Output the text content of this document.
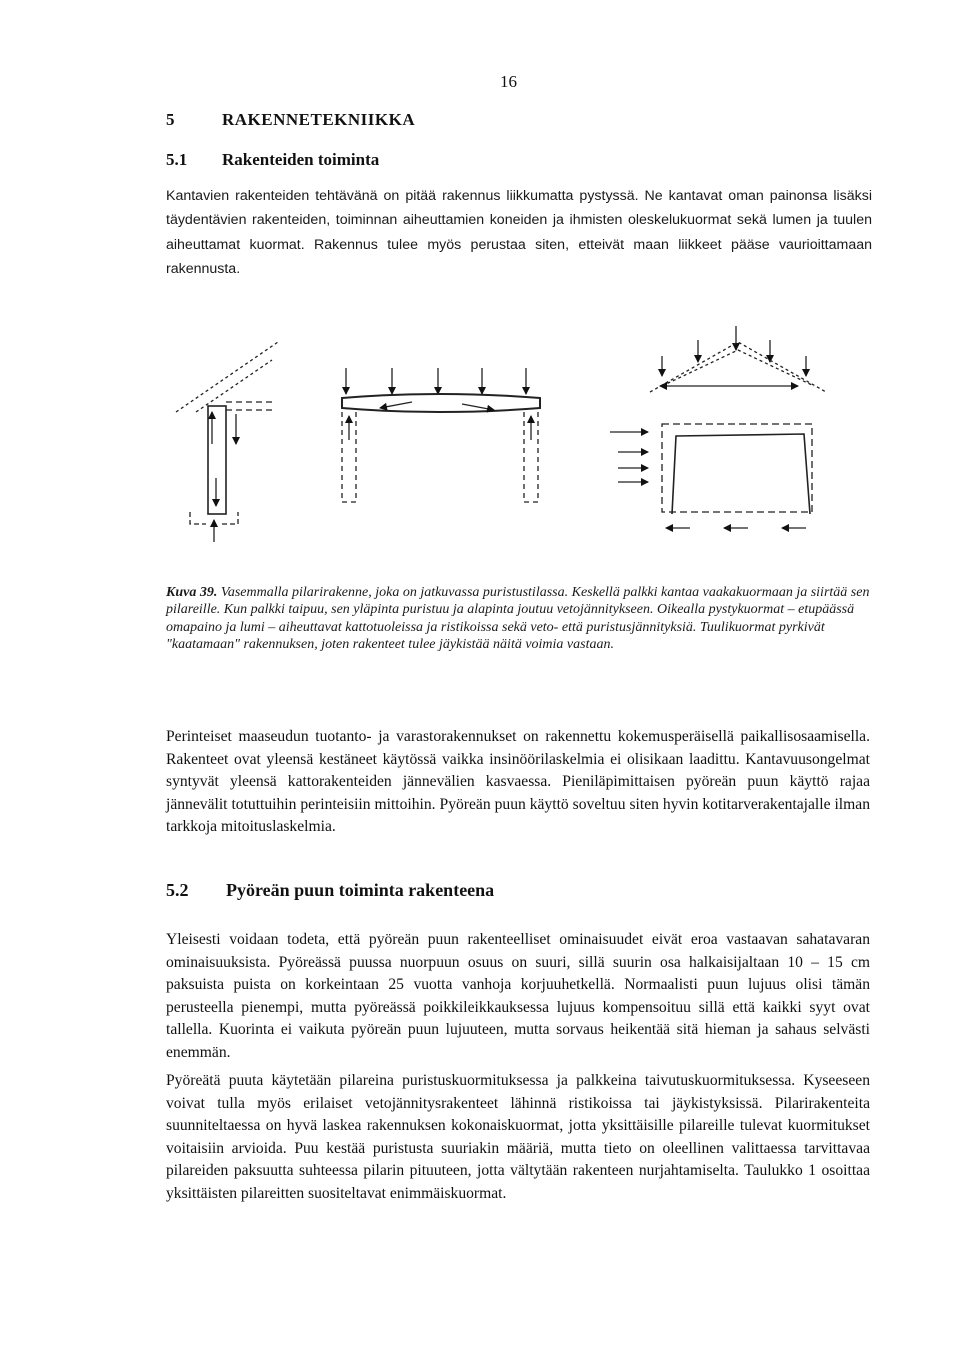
16
5	RAKENNETEKNIIKKA
5.1 Rakenteiden toiminta
Kantavien rakenteiden tehtävänä on pitää rakennus liikkumatta pystyssä. Ne kantavat oman painonsa lisäksi täydentävien rakenteiden, toiminnan aiheuttamien koneiden ja ihmisten oleskelukuormat sekä lumen ja tuulen aiheuttamat kuormat. Rakennus tulee myös perustaa siten, etteivät maan liikkeet pääse vaurioittamaan rakennusta.
Kuva 39. Vasemmalla pilarirakenne, joka on jatkuvassa puristustilassa. Keskellä palkki kantaa vaakakuormaan ja siirtää sen pilareille. Kun palkki taipuu, sen yläpinta puristuu ja alapinta joutuu vetojännitykseen. Oikealla pystykuormat – etupäässä omapaino ja lumi – aiheuttavat kattotuoleissa ja ristikoissa sekä veto- että puristusjännityksiä. Tuulikuormat pyrkivät "kaatamaan" rakennuksen, joten rakenteet tulee jäykistää näitä voimia vastaan.
Perinteiset maaseudun tuotanto- ja varastorakennukset on rakennettu kokemusperäisellä paikallisosaamisella. Rakenteet ovat yleensä kestäneet käytössä vaikka insinöörilaskelmia ei olisikaan laadittu. Kantavuusongelmat syntyvät yleensä kattorakenteiden jännevälien kasvaessa. Pieniläpimittaisen pyöreän puun käyttö rajaa jännevälit totuttuihin perinteisiin mittoihin. Pyöreän puun käyttö soveltuu siten hyvin kotitarverakentajalle ilman tarkkoja mitoituslaskelmia.
5.2 Pyöreän puun toiminta rakenteena
Yleisesti voidaan todeta, että pyöreän puun rakenteelliset ominaisuudet eivät eroa vastaavan sahatavaran ominaisuuksista. Pyöreässä puussa nuorpuun osuus on suuri, sillä suurin osa halkaisijaltaan 10 – 15 cm paksuista puista on korkeintaan 25 vuotta vanhoja korjuuhetkellä. Normaalisti puun lujuus olisi tämän perusteella pienempi, mutta pyöreässä poikkileikkauksessa lujuus kompensoituu sillä että kaikki syyt ovat tallella. Kuorinta ei vaikuta pyöreän puun lujuuteen, mutta sorvaus heikentää sitä hieman ja sahaus selvästi enemmän.
Pyöreätä puuta käytetään pilareina puristuskuormituksessa ja palkkeina taivutuskuormituksessa. Kyseeseen voivat tulla myös erilaiset vetojännitysrakenteet lähinnä ristikoissa tai jäykistyksissä. Pilarirakenteita suunniteltaessa on hyvä laskea rakennuksen kokonaiskuormat, jotta yksittäisille pilareille tulevat kuormitukset voitaisiin arvioida. Puu kestää puristusta suuriakin määriä, mutta tieto on oleellinen valittaessa tarvittavaa pilareiden paksuutta suhteessa pilarin pituuteen, jotta vältytään rakenteen nurjahtamiselta. Taulukko 1 osoittaa yksittäisten pilareitten suositeltavat enimmäiskuormat.
